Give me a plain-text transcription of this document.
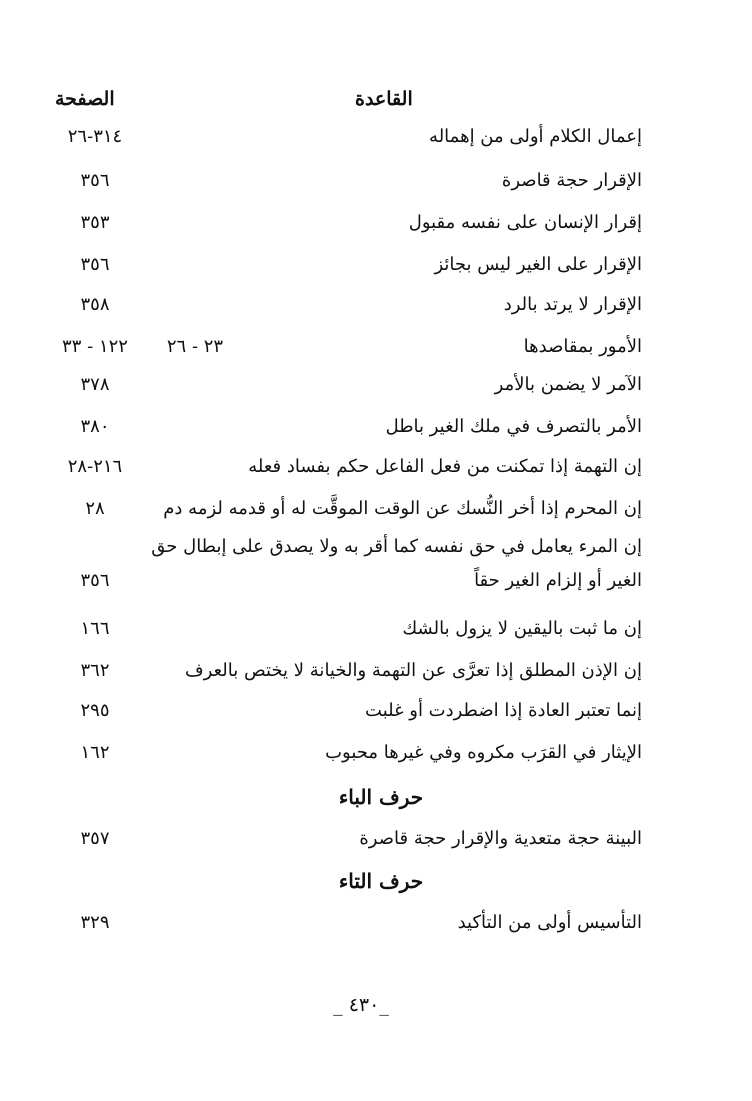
القاعدة
الصفحة
إعمال الكلام أولى من إهماله
٣١٤-٢٦
الإقرار حجة قاصرة
٣٥٦
إقرار الإنسان على نفسه مقبول
٣٥٣
الإقرار على الغير ليس بجائز
٣٥٦
الإقرار لا يرتد بالرد
٣٥٨
الأمور بمقاصدها
٢٣ - ٢٦
١٢٢ - ٣٣
الآمر لا يضمن بالأمر
٣٧٨
الأمر بالتصرف في ملك الغير باطل
٣٨٠
إن التهمة إذا تمكنت من فعل الفاعل حكم بفساد فعله
٢١٦-٢٨
إن المحرم إذا أخر النُّسك عن الوقت الموقَّت له أو قدمه لزمه دم
٢٨
إن المرء يعامل في حق نفسه كما أقر به ولا يصدق على إبطال حق
الغير أو إلزام الغير حقاً
٣٥٦
إن ما ثبت باليقين لا يزول بالشك
١٦٦
إن الإذن المطلق إذا تعرَّى عن التهمة والخيانة لا يختص بالعرف
٣٦٢
إنما تعتبر العادة إذا اضطردت أو غلبت
٢٩٥
الإيثار في القرَب مكروه وفي غيرها محبوب
١٦٢
حرف الباء
البينة حجة متعدية والإقرار حجة قاصرة
٣٥٧
حرف التاء
التأسيس أولى من التأكيد
٣٢٩
_٤٣٠ _
